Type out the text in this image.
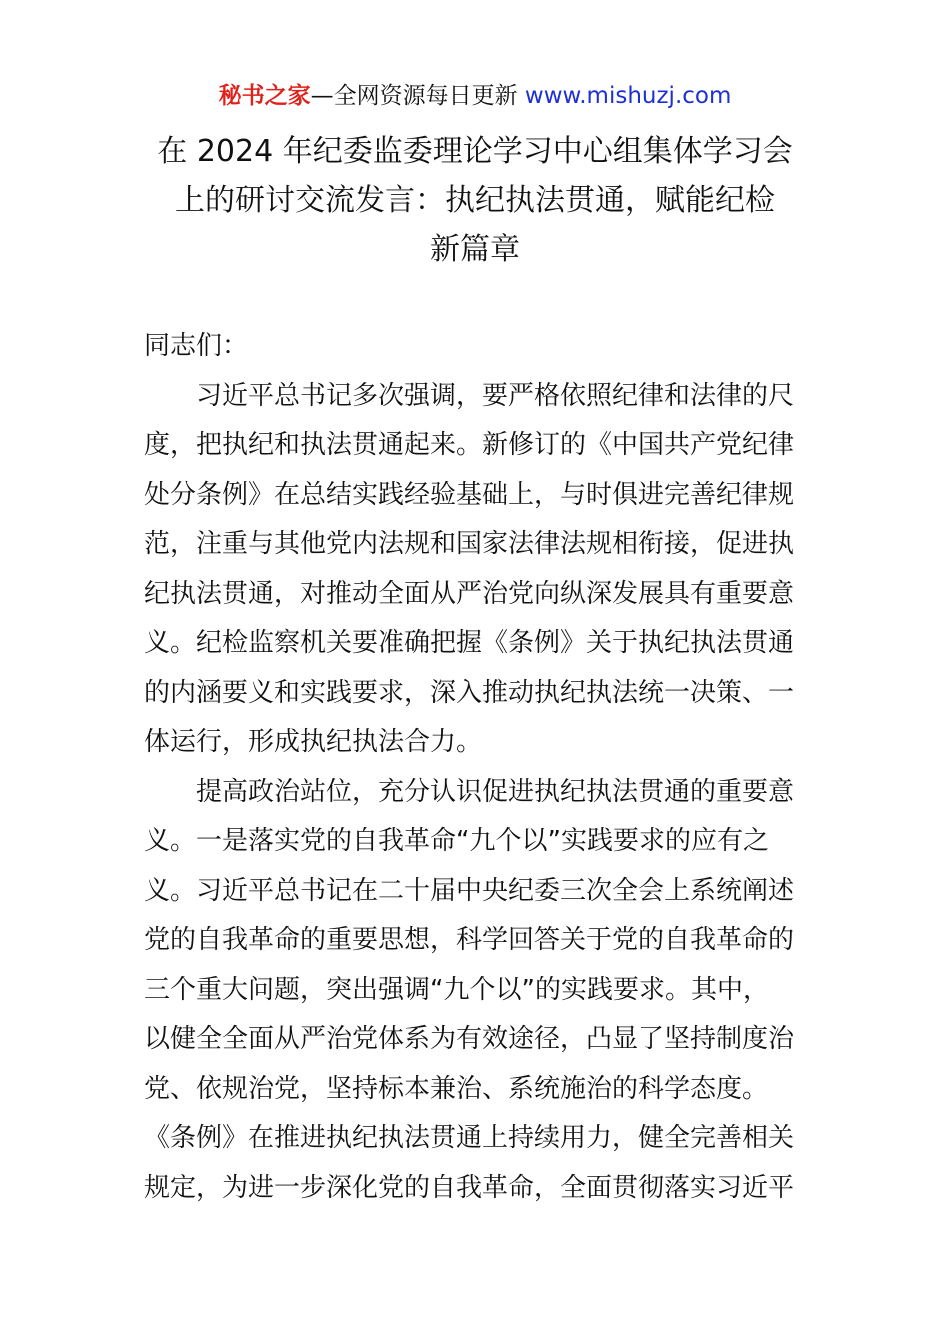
秘书之家—全网资源每日更新 www.mishuzj.com
在 2024 年纪委监委理论学习中心组集体学习会
上的研讨交流发言：执纪执法贯通，赋能纪检
新篇章
同志们：
习近平总书记多次强调，要严格依照纪律和法律的尺
度，把执纪和执法贯通起来。新修订的《中国共产党纪律
处分条例》在总结实践经验基础上，与时俱进完善纪律规
范，注重与其他党内法规和国家法律法规相衔接，促进执
纪执法贯通，对推动全面从严治党向纵深发展具有重要意
义。纪检监察机关要准确把握《条例》关于执纪执法贯通
的内涵要义和实践要求，深入推动执纪执法统一决策、一
体运行，形成执纪执法合力。
提高政治站位，充分认识促进执纪执法贯通的重要意
义。一是落实党的自我革命“九个以”实践要求的应有之
义。习近平总书记在二十届中央纪委三次全会上系统阐述
党的自我革命的重要思想，科学回答关于党的自我革命的
三个重大问题，突出强调“九个以”的实践要求。其中，
以健全全面从严治党体系为有效途径，凸显了坚持制度治
党、依规治党，坚持标本兼治、系统施治的科学态度。
《条例》在推进执纪执法贯通上持续用力，健全完善相关
规定，为进一步深化党的自我革命，全面贯彻落实习近平
